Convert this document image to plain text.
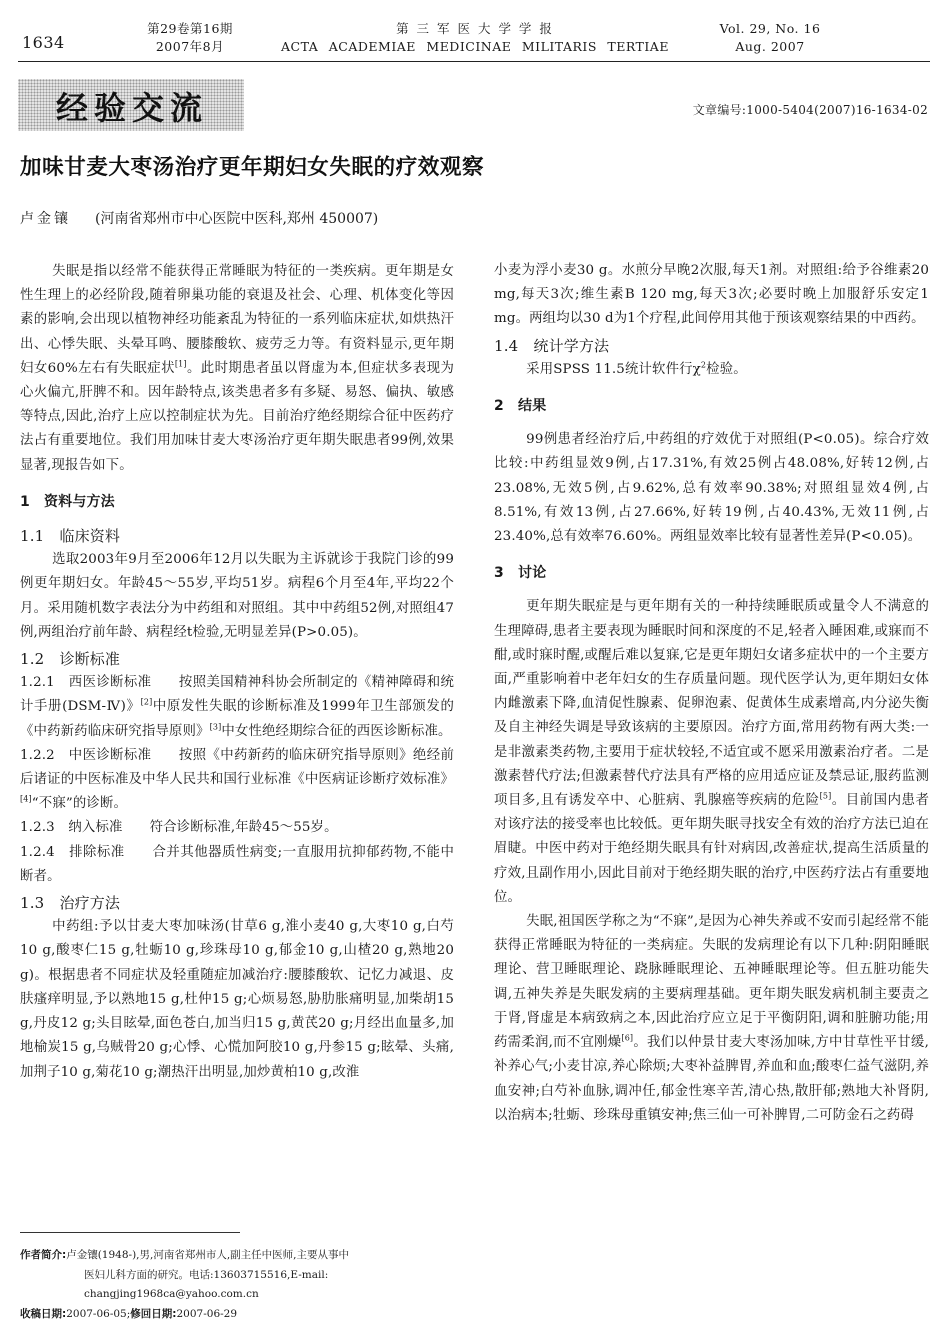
1634
第29卷第16期
2007年8月
第 三 军 医 大 学 学 报
ACTA ACADEMIAE MEDICINAE MILITARIS TERTIAE
Vol. 29, No. 16
Aug. 2007
经验交流	文章编号:1000-5404(2007)16-1634-02
加味甘麦大枣汤治疗更年期妇女失眠的疗效观察
卢金镶 (河南省郑州市中心医院中医科,郑州 450007)

失眠是指以经常不能获得正常睡眠为特征的一类疾病。更年期是女性生理上的必经阶段,随着卵巢功能的衰退及社会、心理、机体变化等因素的影响,会出现以植物神经功能紊乱为特征的一系列临床症状,如烘热汗出、心悸失眠、头晕耳鸣、腰膝酸软、疲劳乏力等。有资料显示,更年期妇女60%左右有失眠症状[1]。此时期患者虽以肾虚为本,但症状多表现为心火偏亢,肝脾不和。因年龄特点,该类患者多有多疑、易怒、偏执、敏感等特点,因此,治疗上应以控制症状为先。目前治疗绝经期综合征中医药疗法占有重要地位。我们用加味甘麦大枣汤治疗更年期失眠患者99例,效果显著,现报告如下。

1　资料与方法

1.1　临床资料

选取2003年9月至2006年12月以失眠为主诉就诊于我院门诊的99例更年期妇女。年龄45～55岁,平均51岁。病程6个月至4年,平均22个月。采用随机数字表法分为中药组和对照组。其中中药组52例,对照组47例,两组治疗前年龄、病程经t检验,无明显差异(P>0.05)。

1.2　诊断标准

1.2.1　西医诊断标准　　按照美国精神科协会所制定的《精神障碍和统计手册(DSM-Ⅳ)》[2]中原发性失眠的诊断标准及1999年卫生部颁发的《中药新药临床研究指导原则》[3]中女性绝经期综合征的西医诊断标准。

1.2.2　中医诊断标准　　按照《中药新药的临床研究指导原则》绝经前后诸证的中医标准及中华人民共和国行业标准《中医病证诊断疗效标准》[4]“不寐”的诊断。

1.2.3　纳入标准　　符合诊断标准,年龄45～55岁。

1.2.4　排除标准　　合并其他器质性病变;一直服用抗抑郁药物,不能中断者。

1.3　治疗方法

中药组:予以甘麦大枣加味汤(甘草6 g,淮小麦40 g,大枣10 g,白芍10 g,酸枣仁15 g,牡蛎10 g,珍珠母10 g,郁金10 g,山楂20 g,熟地20 g)。根据患者不同症状及轻重随症加减治疗:腰膝酸软、记忆力减退、皮肤瘙痒明显,予以熟地15 g,杜仲15 g;心烦易怒,胁肋胀痛明显,加柴胡15 g,丹皮12 g;头目眩晕,面色苍白,加当归15 g,黄芪20 g;月经出血量多,加地榆炭15 g,乌贼骨20 g;心悸、心慌加阿胶10 g,丹参15 g;眩晕、头痛,加荆子10 g,菊花10 g;潮热汗出明显,加炒黄柏10 g,改淮

小麦为浮小麦30 g。水煎分早晚2次服,每天1剂。对照组:给予谷维素20 mg,每天3次;维生素B 120 mg,每天3次;必要时晚上加服舒乐安定1 mg。两组均以30 d为1个疗程,此间停用其他于预该观察结果的中西药。

1.4　统计学方法

采用SPSS 11.5统计软件行$\chi^2$检验。

2　结果

99例患者经治疗后,中药组的疗效优于对照组(P<0.05)。综合疗效比较:中药组显效9例,占17.31%,有效25例占48.08%,好转12例,占23.08%,无效5例,占9.62%,总有效率90.38%;对照组显效4例,占8.51%,有效13例,占27.66%,好转19例,占40.43%,无效11例,占23.40%,总有效率76.60%。两组显效率比较有显著性差异(P<0.05)。

3　讨论

更年期失眠症是与更年期有关的一种持续睡眠质或量令人不满意的生理障碍,患者主要表现为睡眠时间和深度的不足,轻者入睡困难,或寐而不酣,或时寐时醒,或醒后难以复寐,它是更年期妇女诸多症状中的一个主要方面,严重影响着中老年妇女的生存质量问题。现代医学认为,更年期妇女体内雌激素下降,血清促性腺素、促卵泡素、促黄体生成素增高,内分泌失衡及自主神经失调是导致该病的主要原因。治疗方面,常用药物有两大类:一是非激素类药物,主要用于症状较轻,不适宜或不愿采用激素治疗者。二是激素替代疗法;但激素替代疗法具有严格的应用适应证及禁忌证,服药监测项目多,且有诱发卒中、心脏病、乳腺癌等疾病的危险[5]。目前国内患者对该疗法的接受率也比较低。更年期失眠寻找安全有效的治疗方法已迫在眉睫。中医中药对于绝经期失眠具有针对病因,改善症状,提高生活质量的疗效,且副作用小,因此目前对于绝经期失眠的治疗,中医药疗法占有重要地位。

失眠,祖国医学称之为“不寐”,是因为心神失养或不安而引起经常不能获得正常睡眠为特征的一类病症。失眠的发病理论有以下几种:阴阳睡眠理论、营卫睡眠理论、跷脉睡眠理论、五神睡眠理论等。但五脏功能失调,五神失养是失眠发病的主要病理基础。更年期失眠发病机制主要责之于肾,肾虚是本病致病之本,因此治疗应立足于平衡阴阳,调和脏腑功能;用药需柔润,而不宜刚燥[6]。我们以仲景甘麦大枣汤加味,方中甘草性平甘缓,补养心气;小麦甘凉,养心除烦;大枣补益脾胃,养血和血;酸枣仁益气滋阴,养血安神;白芍补血脉,调冲任,郁金性寒辛苦,清心热,散肝郁;熟地大补肾阴,以治病本;牡蛎、珍珠母重镇安神;焦三仙一可补脾胃,二可防金石之药碍

作者简介:卢金镶(1948-),男,河南省郑州市人,副主任中医师,主要从事中
医妇儿科方面的研究。电话:13603715516,E-mail:
changjing1968ca@yahoo.com.cn
收稿日期:2007-06-05;修回日期:2007-06-29
